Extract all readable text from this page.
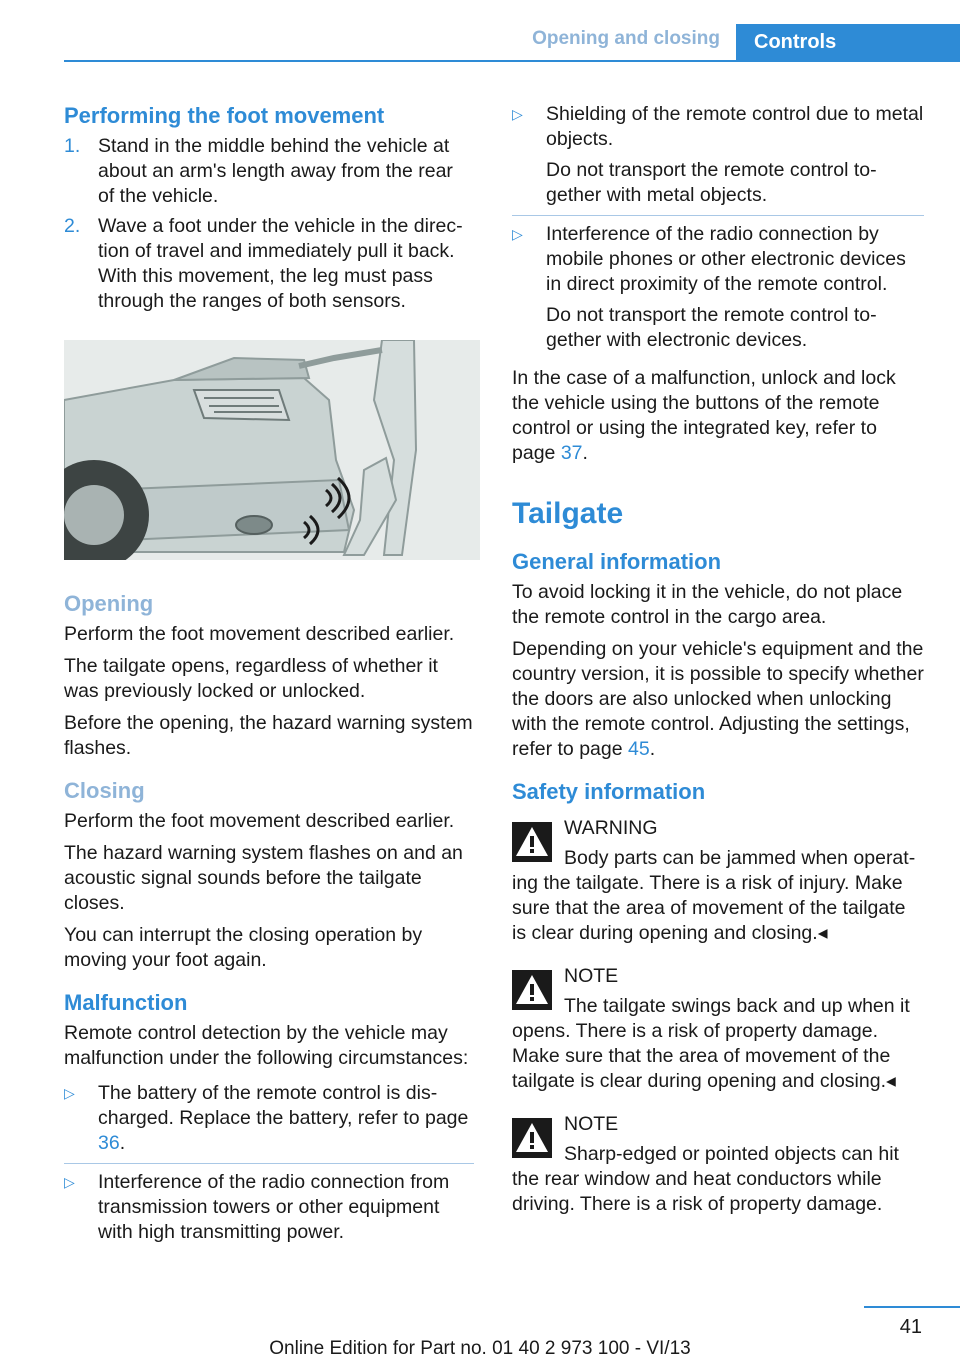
Opening and closing	Controls
Performing the foot movement
1. Stand in the middle behind the vehicle at about an arm's length away from the rear of the vehicle.
2. Wave a foot under the vehicle in the direction of travel and immediately pull it back. With this movement, the leg must pass through the ranges of both sensors.
Opening

Perform the foot movement described earlier.

The tailgate opens, regardless of whether it was previously locked or unlocked.

Before the opening, the hazard warning system flashes.

Closing

Perform the foot movement described earlier.

The hazard warning system flashes on and an acoustic signal sounds before the tailgate closes.

You can interrupt the closing operation by moving your foot again.

Malfunction

Remote control detection by the vehicle may malfunction under the following circumstances:

▷ The battery of the remote control is discharged. Replace the battery, refer to page 36.
▷ Interference of the radio connection from transmission towers or other equipment with high transmitting power.
▷ Shielding of the remote control due to metal objects.

Do not transport the remote control together with metal objects.

▷ Interference of the radio connection by mobile phones or other electronic devices in direct proximity of the remote control.

Do not transport the remote control together with electronic devices.

In the case of a malfunction, unlock and lock the vehicle using the buttons of the remote control or using the integrated key, refer to page 37.

Tailgate
General information

To avoid locking it in the vehicle, do not place the remote control in the cargo area.

Depending on your vehicle's equipment and the country version, it is possible to specify whether the doors are also unlocked when unlocking with the remote control. Adjusting the settings, refer to page 45.

Safety information
WARNING
Body parts can be jammed when operating the tailgate. There is a risk of injury. Make sure that the area of movement of the tailgate is clear during opening and closing.◂
NOTE
The tailgate swings back and up when it opens. There is a risk of property damage. Make sure that the area of movement of the tailgate is clear during opening and closing.◂
NOTE
Sharp-edged or pointed objects can hit the rear window and heat conductors while driving. There is a risk of property damage.
41
Online Edition for Part no. 01 40 2 973 100 - VI/13
